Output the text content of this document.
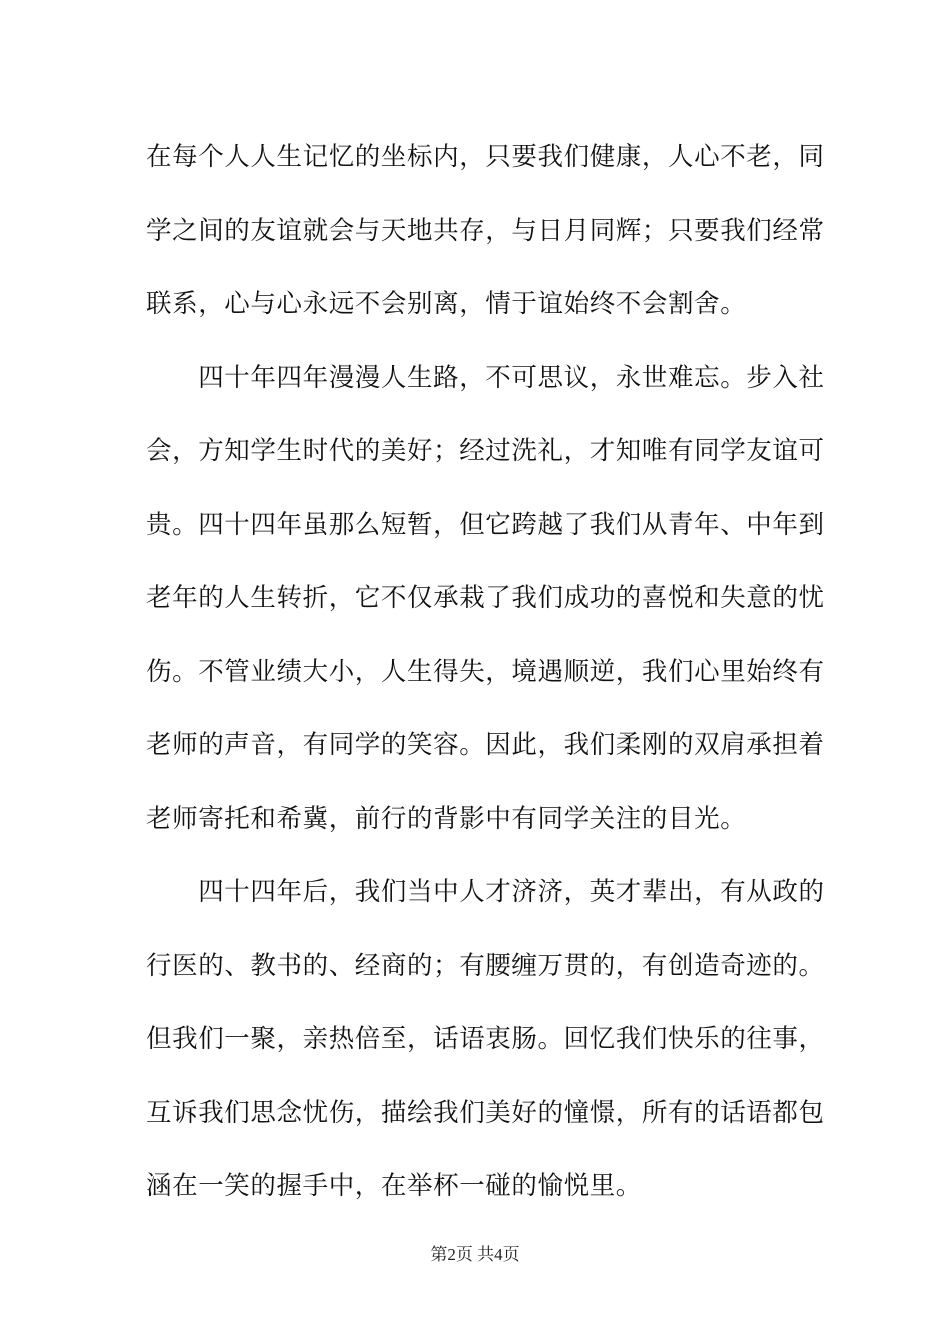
在每个人人生记忆的坐标内，只要我们健康，人心不老，同
学之间的友谊就会与天地共存，与日月同辉；只要我们经常
联系，心与心永远不会别离，情于谊始终不会割舍。
　　四十年四年漫漫人生路，不可思议，永世难忘。步入社
会，方知学生时代的美好；经过洗礼，才知唯有同学友谊可
贵。四十四年虽那么短暂，但它跨越了我们从青年、中年到
老年的人生转折，它不仅承栽了我们成功的喜悦和失意的忧
伤。不管业绩大小，人生得失，境遇顺逆，我们心里始终有
老师的声音，有同学的笑容。因此，我们柔刚的双肩承担着
老师寄托和希冀，前行的背影中有同学关注的目光。
　　四十四年后，我们当中人才济济，英才辈出，有从政的
行医的、教书的、经商的；有腰缠万贯的，有创造奇迹的。
但我们一聚，亲热倍至，话语衷肠。回忆我们快乐的往事，
互诉我们思念忧伤，描绘我们美好的憧憬，所有的话语都包
涵在一笑的握手中，在举杯一碰的愉悦里。
第2页 共4页
